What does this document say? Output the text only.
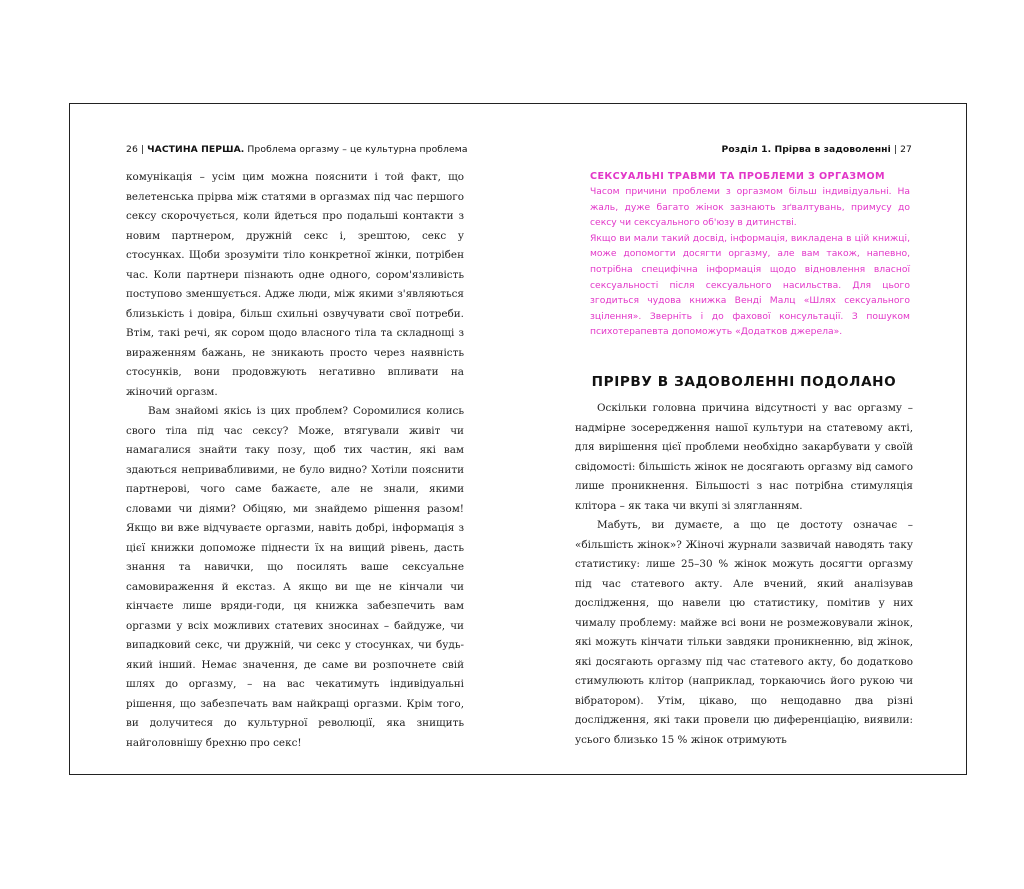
26 | ЧАСТИНА ПЕРША. Проблема оргазму – це культурна проблема

комунікація – усім цим можна пояснити і той факт, що велетенська прірва між статями в оргазмах під час першого сексу скорочується, коли йдеться про подальші контакти з новим партнером, дружній секс і, зрештою, секс у стосунках. Щоби зрозуміти тіло конкретної жінки, потрібен час. Коли партнери пізнають одне одного, сором'язливість поступово зменшується. Адже люди, між якими з'являються близькість і довіра, більш схильні озвучувати свої потреби. Втім, такі речі, як сором щодо власного тіла та складнощі з вираженням бажань, не зникають просто через наявність стосунків, вони продовжують негативно впливати на жіночий оргазм.

Вам знайомі якісь із цих проблем? Соромилися колись свого тіла під час сексу? Може, втягували живіт чи намагалися знайти таку позу, щоб тих частин, які вам здаються непривабливими, не було видно? Хотіли пояснити партнерові, чого саме бажаєте, але не знали, якими словами чи діями? Обіцяю, ми знайдемо рішення разом! Якщо ви вже відчуваєте оргазми, навіть добрі, інформація з цієї книжки допоможе піднести їх на вищий рівень, дасть знання та навички, що посилять ваше сексуальне самовираження й екстаз. А якщо ви ще не кінчали чи кінчаєте лише вряди-годи, ця книжка забезпечить вам оргазми у всіх можливих статевих зносинах – байдуже, чи випадковий секс, чи дружній, чи секс у стосунках, чи будь-який інший. Немає значення, де саме ви розпочнете свій шлях до оргазму, – на вас чекатимуть індивідуальні рішення, що забезпечать вам найкращі оргазми. Крім того, ви долучитеся до культурної революції, яка знищить найголовнішу брехню про секс!

Розділ 1. Прірва в задоволенні | 27

СЕКСУАЛЬНІ ТРАВМИ ТА ПРОБЛЕМИ З ОРГАЗМОМ

Часом причини проблеми з оргазмом більш індивідуальні. На жаль, дуже багато жінок зазнають зґвалтувань, примусу до сексу чи сексуального об'юзу в дитинстві.

Якщо ви мали такий досвід, інформація, викладена в цій книжці, може допомогти досягти оргазму, але вам також, напевно, потрібна специфічна інформація щодо відновлення власної сексуальності після сексуального насильства. Для цього згодиться чудова книжка Венді Малц «Шлях сексуального зцілення». Зверніть і до фахової консультації. З пошуком психотерапевта допоможуть «Додатков джерела».

ПРІРВУ В ЗАДОВОЛЕННІ ПОДОЛАНО

Оскільки головна причина відсутності у вас оргазму – надмірне зосередження нашої культури на статевому акті, для вирішення цієї проблеми необхідно закарбувати у своїй свідомості: більшість жінок не досягають оргазму від самого лише проникнення. Більшості з нас потрібна стимуляція клітора – як така чи вкупі зі злягланням.

Мабуть, ви думаєте, а що це достоту означає – «більшість жінок»? Жіночі журнали зазвичай наводять таку статистику: лише 25–30 % жінок можуть досягти оргазму під час статевого акту. Але вчений, який аналізував дослідження, що навели цю статистику, помітив у них чималу проблему: майже всі вони не розмежовували жінок, які можуть кінчати тільки завдяки проникненню, від жінок, які досягають оргазму під час статевого акту, бо додатково стимулюють клітор (наприклад, торкаючись його рукою чи вібратором). Утім, цікаво, що нещодавно два різні дослідження, які таки провели цю диференціацію, виявили: усього близько 15 % жінок отримують
